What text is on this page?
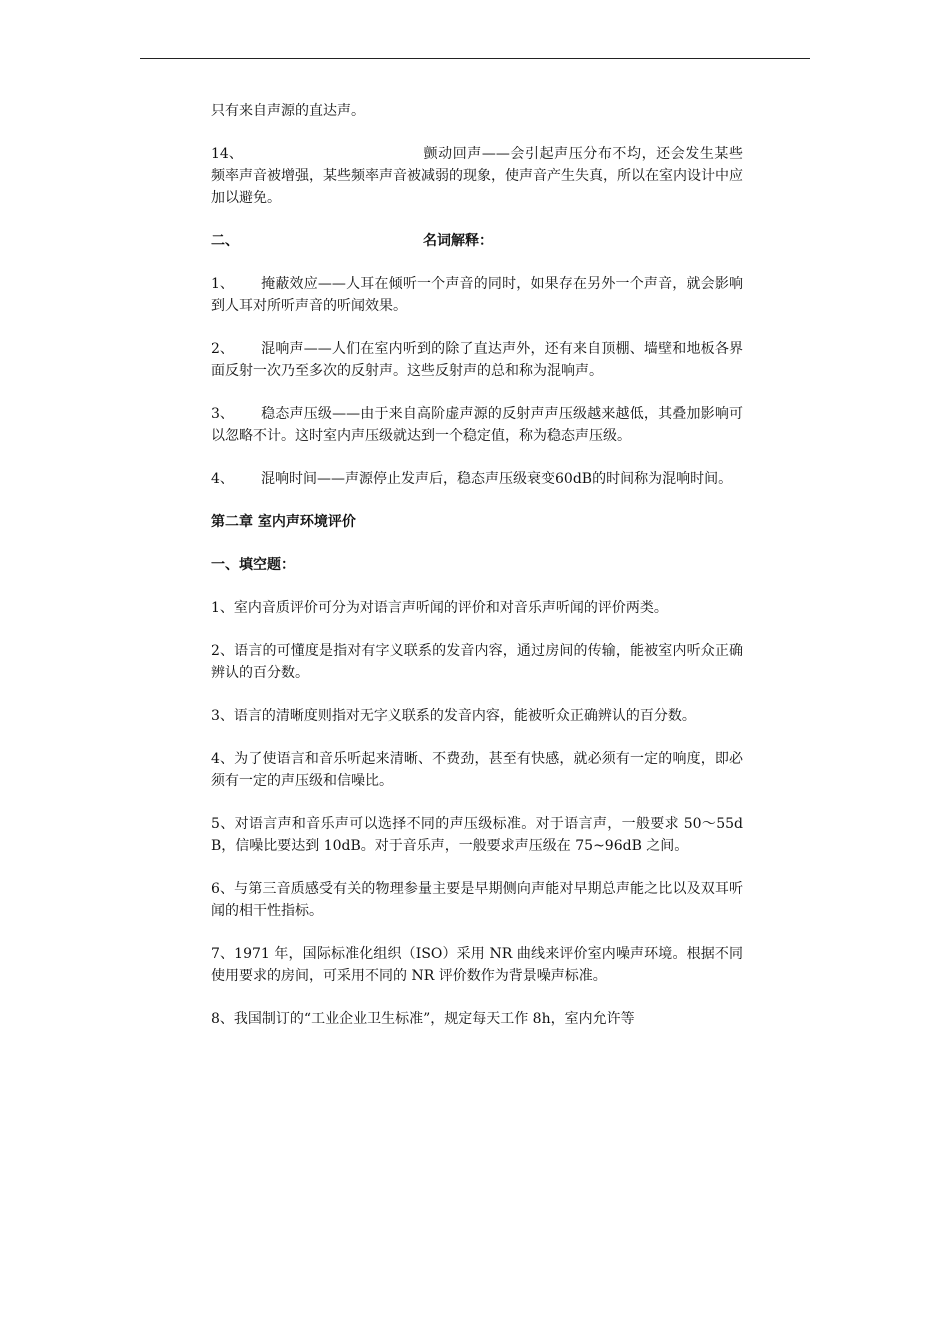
只有来自声源的直达声。

14、	颤动回声——会引起声压分布不均，还会发生某些频率声音被增强，某些频率声音被减弱的现象，使声音产生失真，所以在室内设计中应加以避免。

二、	名词解释：

1、 掩蔽效应——人耳在倾听一个声音的同时，如果存在另外一个声音，就会影响到人耳对所听声音的听闻效果。

2、 混响声——人们在室内听到的除了直达声外，还有来自顶棚、墙壁和地板各界面反射一次乃至多次的反射声。这些反射声的总和称为混响声。

3、 稳态声压级——由于来自高阶虚声源的反射声声压级越来越低，其叠加影响可以忽略不计。这时室内声压级就达到一个稳定值，称为稳态声压级。

4、 混响时间——声源停止发声后，稳态声压级衰变60dB的时间称为混响时间。

第二章 室内声环境评价

一、填空题：

1、室内音质评价可分为对语言声听闻的评价和对音乐声听闻的评价两类。

2、语言的可懂度是指对有字义联系的发音内容，通过房间的传输，能被室内听众正确辨认的百分数。

3、语言的清晰度则指对无字义联系的发音内容，能被听众正确辨认的百分数。

4、为了使语言和音乐听起来清晰、不费劲，甚至有快感，就必须有一定的响度，即必须有一定的声压级和信噪比。

5、对语言声和音乐声可以选择不同的声压级标准。对于语言声，一般要求 50～55dB，信噪比要达到 10dB。对于音乐声，一般要求声压级在 75~96dB 之间。

6、与第三音质感受有关的物理参量主要是早期侧向声能对早期总声能之比以及双耳听闻的相干性指标。

7、1971 年，国际标准化组织（ISO）采用 NR 曲线来评价室内噪声环境。根据不同使用要求的房间，可采用不同的 NR 评价数作为背景噪声标准。

8、我国制订的“工业企业卫生标准”，规定每天工作 8h，室内允许等
